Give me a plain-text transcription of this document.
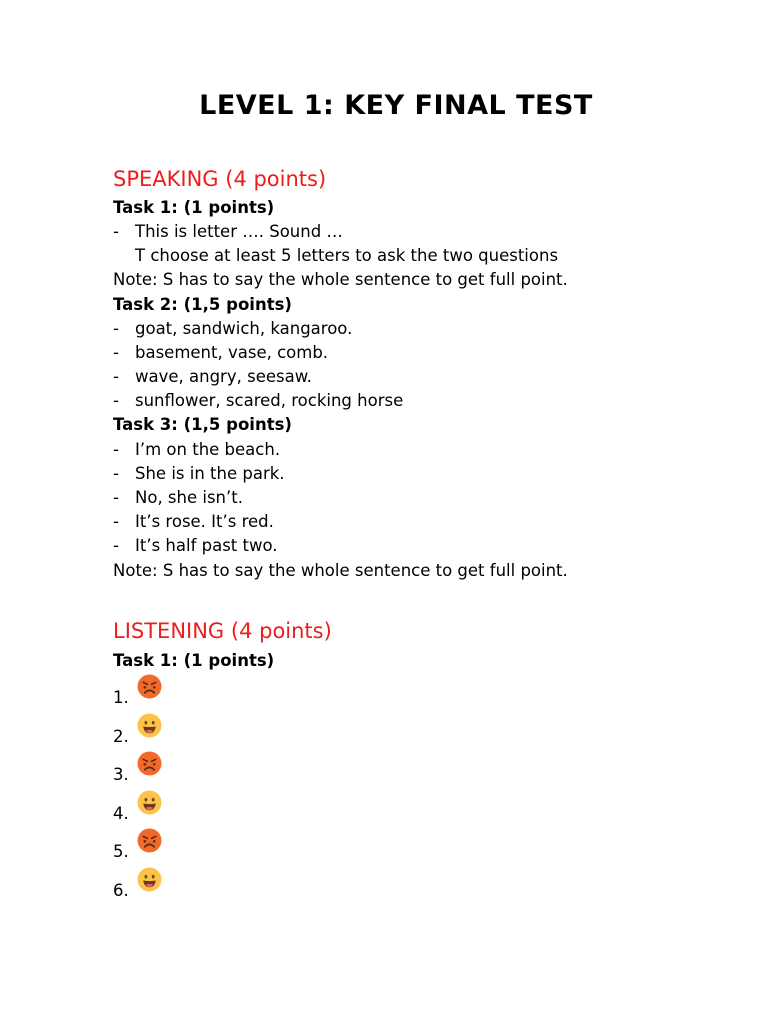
LEVEL 1: KEY FINAL TEST
SPEAKING (4 points)
Task 1: (1 points)
- This is letter …. Sound …
T choose at least 5 letters to ask the two questions
Note: S has to say the whole sentence to get full point.
Task 2: (1,5 points)
- goat, sandwich, kangaroo.
- basement, vase, comb.
- wave, angry, seesaw.
- sunflower, scared, rocking horse
Task 3: (1,5 points)
- I’m on the beach.
- She is in the park.
- No, she isn’t.
- It’s rose. It’s red.
- It’s half past two.
Note: S has to say the whole sentence to get full point.
LISTENING (4 points)
Task 1: (1 points)
1.
2.
3.
4.
5.
6.
